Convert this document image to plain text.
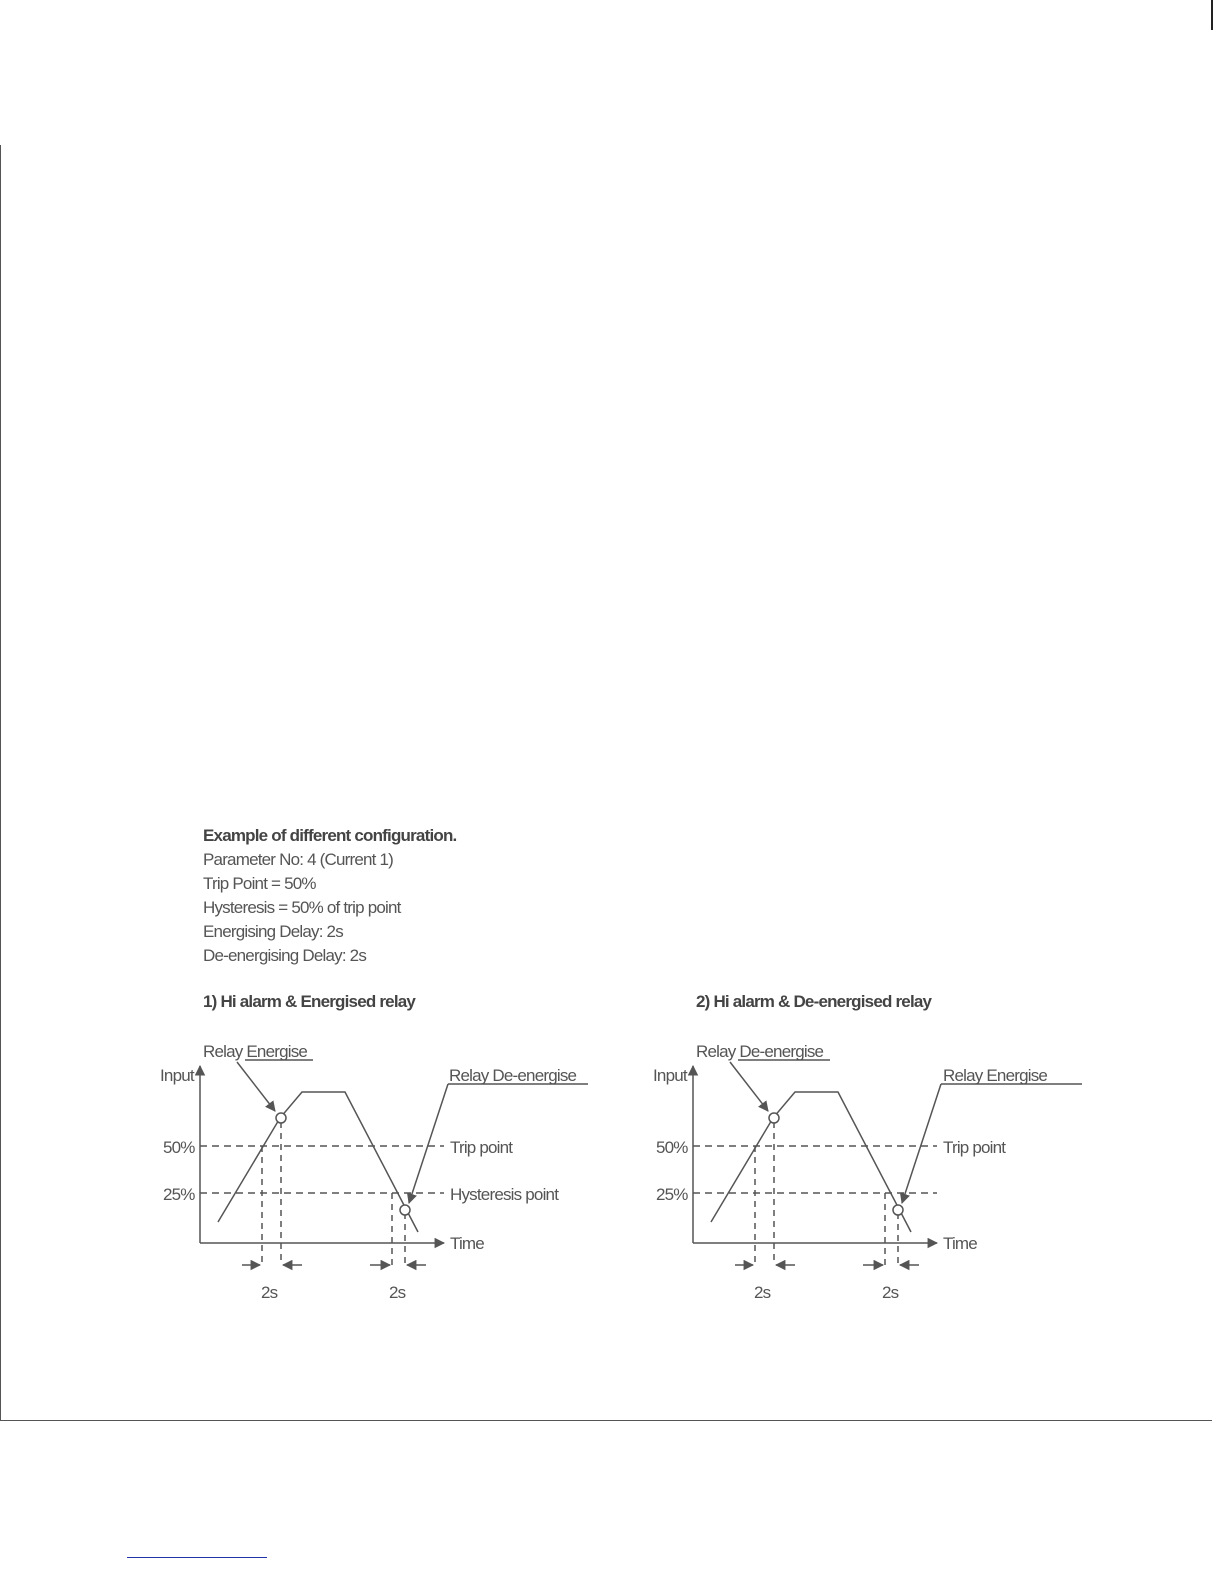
Example of different configuration.
Parameter No: 4 (Current 1)
Trip Point = 50%
Hysteresis = 50% of trip point
Energising Delay: 2s
De-energising Delay: 2s
1) Hi alarm & Energised relay	2) Hi alarm & De-energised relay
Relay Energise
Relay De-energise
Input
50%
25%
Trip point
Hysteresis point
Time
2s	2s
Relay De-energise
Relay Energise
Input
50%
25%
Trip point
Time
2s	2s
